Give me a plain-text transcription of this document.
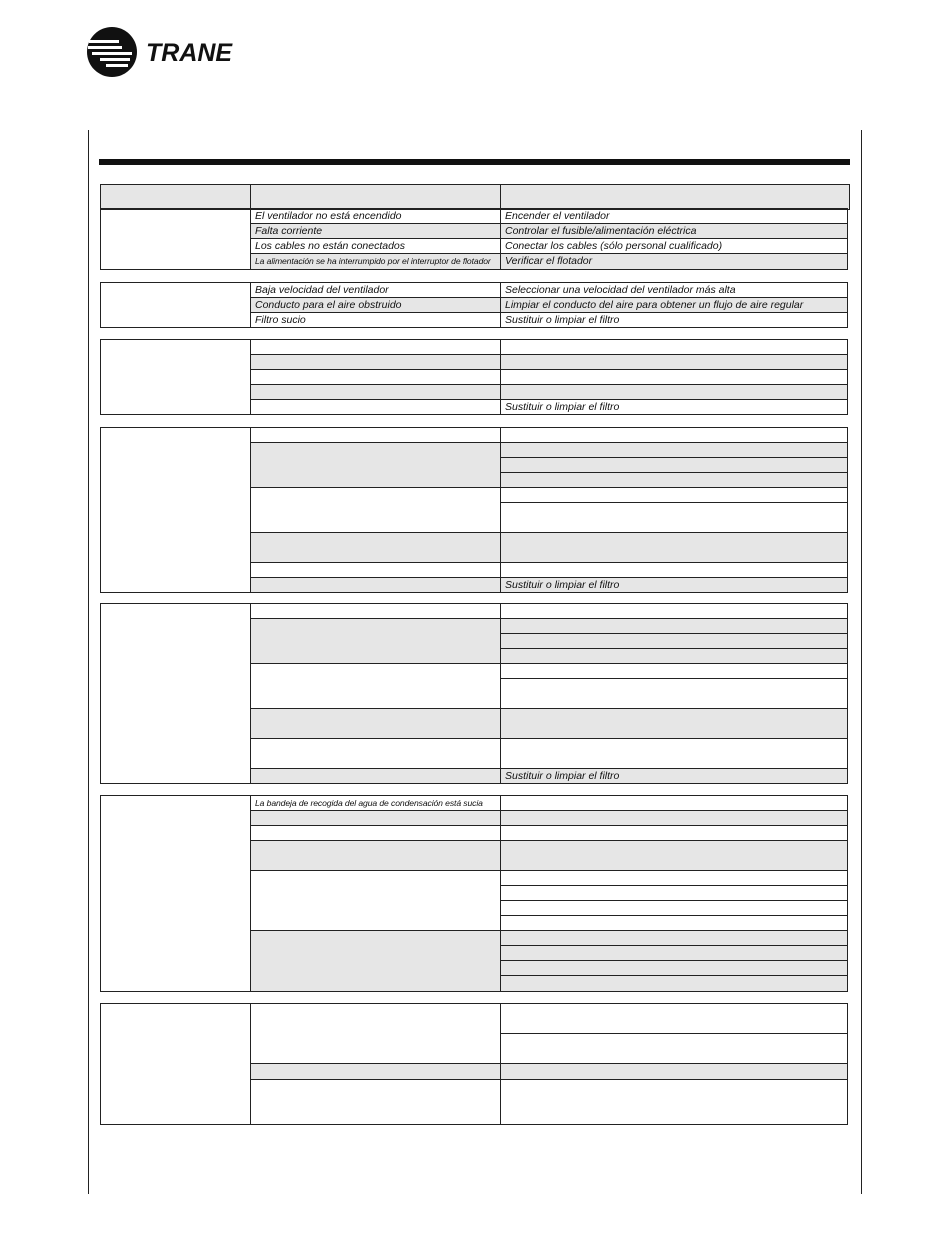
TRANE
El ventilador no está encendido
Falta corriente
Los cables no están conectados
La alimentación se ha interrumpido por el interruptor de flotador
Encender el ventilador
Controlar el fusible/alimentación eléctrica
Conectar los cables (sólo personal cualificado)
Verificar el flotador
Baja velocidad del ventilador
Conducto para el aire obstruido
Filtro sucio
Seleccionar una velocidad del ventilador más alta
Limpiar el conducto del aire para obtener un flujo de aire regular
Sustituir o limpiar el filtro
Sustituir o limpiar el filtro
Sustituir o limpiar el filtro
Sustituir o limpiar el filtro
La bandeja de recogida del agua de condensación está sucia
